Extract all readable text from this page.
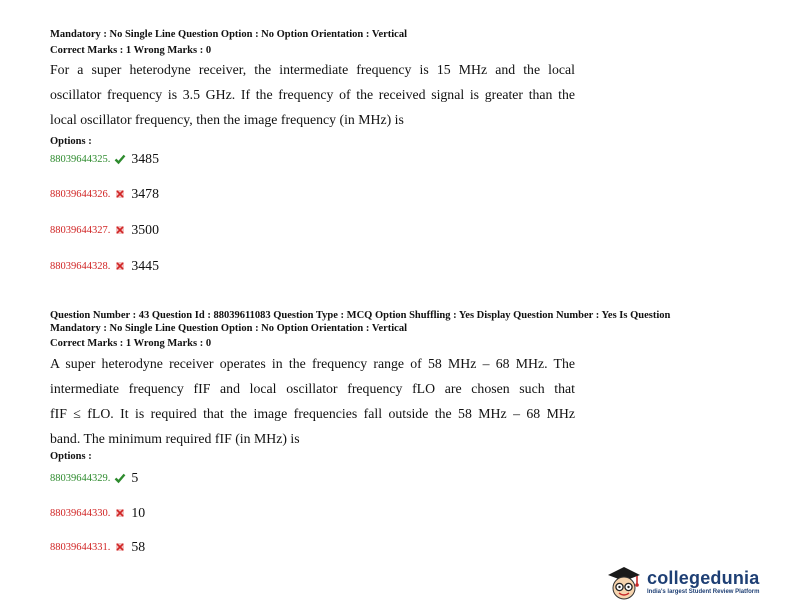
Mandatory : No Single Line Question Option : No Option Orientation : Vertical
Correct Marks : 1 Wrong Marks : 0

For a super heterodyne receiver, the intermediate frequency is 15 MHz and the local

oscillator frequency is 3.5 GHz. If the frequency of the received signal is greater than the

local oscillator frequency, then the image frequency (in MHz) is

Options :
88039644325. 3485
88039644326. 3478
88039644327. 3500
88039644328. 3445
Question Number : 43 Question Id : 88039611083 Question Type : MCQ Option Shuffling : Yes Display Question Number : Yes Is Question
Mandatory : No Single Line Question Option : No Option Orientation : Vertical
Correct Marks : 1 Wrong Marks : 0

A super heterodyne receiver operates in the frequency range of 58 MHz – 68 MHz. The

intermediate frequency fIF and local oscillator frequency fLO are chosen such that

fIF ≤ fLO. It is required that the image frequencies fall outside the 58 MHz – 68 MHz

band. The minimum required fIF (in MHz) is

Options :
88039644329. 5
88039644330. 10
88039644331. 58
collegedunia
India's largest Student Review Platform
